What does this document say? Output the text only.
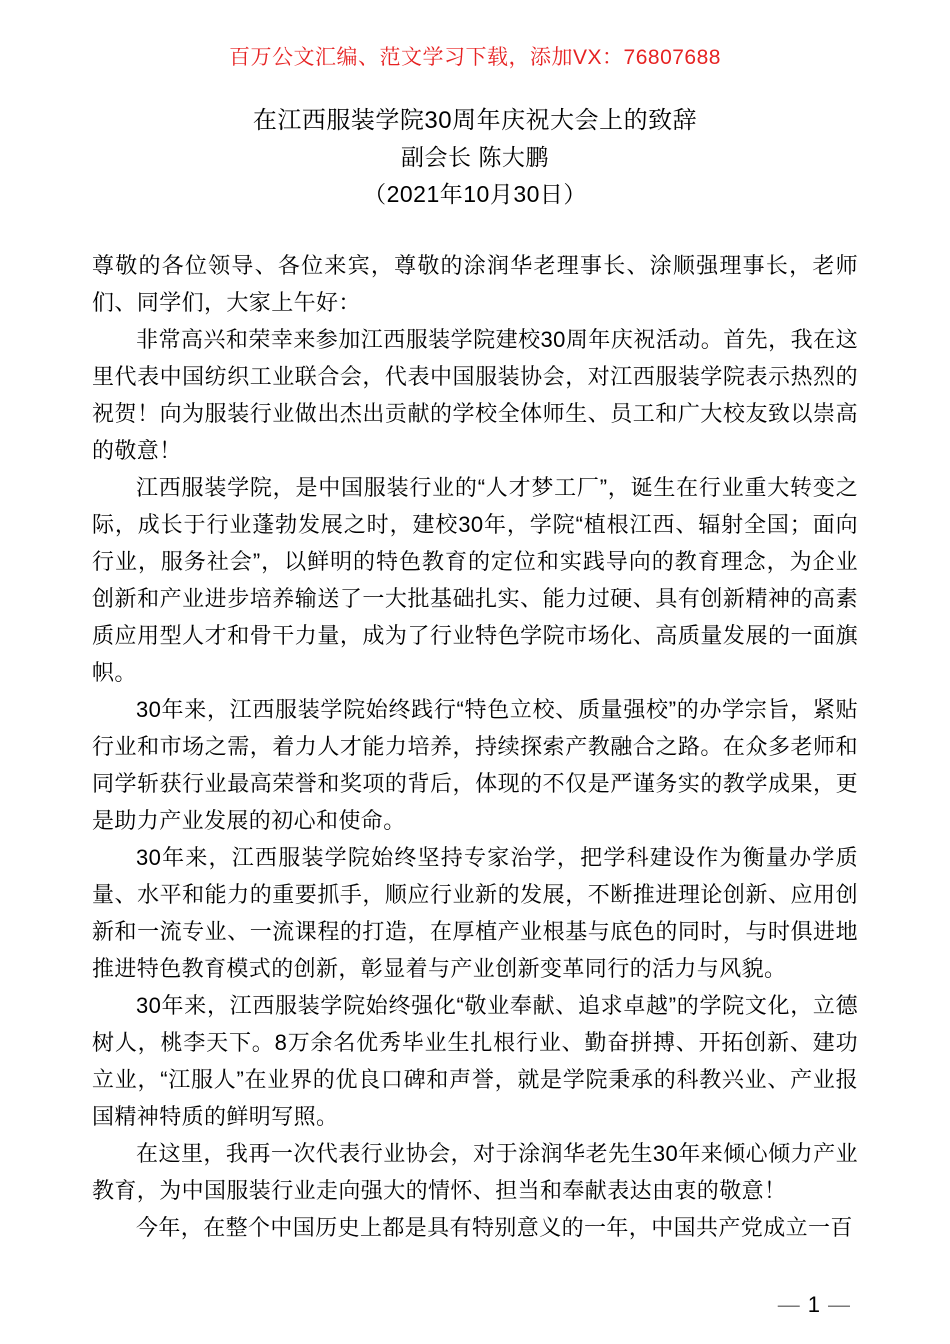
百万公文汇编、范文学习下载，添加VX：76807688
在江西服装学院30周年庆祝大会上的致辞
副会长 陈大鹏
（2021年10月30日）

尊敬的各位领导、各位来宾，尊敬的涂润华老理事长、涂顺强理事长，老师们、同学们，大家上午好：

非常高兴和荣幸来参加江西服装学院建校30周年庆祝活动。首先，我在这里代表中国纺织工业联合会，代表中国服装协会，对江西服装学院表示热烈的祝贺！向为服装行业做出杰出贡献的学校全体师生、员工和广大校友致以崇高的敬意！

江西服装学院，是中国服装行业的“人才梦工厂”，诞生在行业重大转变之际，成长于行业蓬勃发展之时，建校30年，学院“植根江西、辐射全国；面向行业，服务社会”，以鲜明的特色教育的定位和实践导向的教育理念，为企业创新和产业进步培养输送了一大批基础扎实、能力过硬、具有创新精神的高素质应用型人才和骨干力量，成为了行业特色学院市场化、高质量发展的一面旗帜。

30年来，江西服装学院始终践行“特色立校、质量强校”的办学宗旨，紧贴行业和市场之需，着力人才能力培养，持续探索产教融合之路。在众多老师和同学斩获行业最高荣誉和奖项的背后，体现的不仅是严谨务实的教学成果，更是助力产业发展的初心和使命。

30年来，江西服装学院始终坚持专家治学，把学科建设作为衡量办学质量、水平和能力的重要抓手，顺应行业新的发展，不断推进理论创新、应用创新和一流专业、一流课程的打造，在厚植产业根基与底色的同时，与时俱进地推进特色教育模式的创新，彰显着与产业创新变革同行的活力与风貌。

30年来，江西服装学院始终强化“敬业奉献、追求卓越”的学院文化，立德树人，桃李天下。8万余名优秀毕业生扎根行业、勤奋拼搏、开拓创新、建功立业，“江服人”在业界的优良口碑和声誉，就是学院秉承的科教兴业、产业报国精神特质的鲜明写照。

在这里，我再一次代表行业协会，对于涂润华老先生30年来倾心倾力产业教育，为中国服装行业走向强大的情怀、担当和奉献表达由衷的敬意！

今年，在整个中国历史上都是具有特别意义的一年，中国共产党成立一百

— 1 —
